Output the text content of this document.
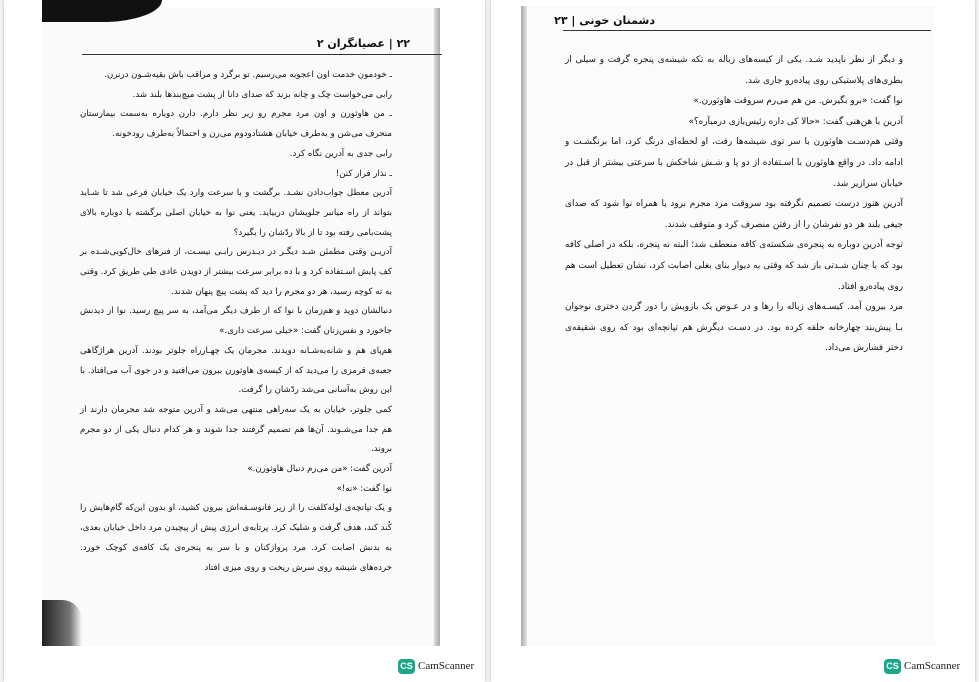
۲۲ | عصیانگران ۲

ـ خودمون خدمت اون اعجوبه می‌رسیم. تو برگرد و مراقب باش بقیه‌شـون درنرن.

رابی می‌خواست چک و چانه بزند که صدای دانا از پشت میچ‌بندها بلند شد.

ـ من هاوثورن و اون مرد مجرم رو زیر نظر دارم. دارن دوباره به‌سمت بیمارستان منحرف می‌شن و به‌طرف خیابان هشتادودوم می‌رن و احتمالاً به‌طرف رودخونه.

رابی جدی به آدرین نگاه کرد.

ـ نذار فرار کنن!

آدرین معطل جواب‌دادن نشـد. برگشت و با سرعت وارد یک خیابان فرعی شد تا شـاید بتواند از راه میانبر جلویشان دربیاید. یعنی نوا به خیابان اصلی برگشته یا دوباره بالای پشت‌بامی رفته بود تا از بالا ردّشان را بگیرد؟

آدریـن وقتی مطمئن شـد دیگـر در دیـدرس رابـی نیسـت، از فنرهای خال‌کوبی‌شـده بر کف پایش اسـتفاده کرد و با ده برابر سرعت بیشتر از دویدن عادی طی طریق کرد. وقتی به ته کوچه رسید، هر دو مجرم را دید که پشت پیچ پنهان شدند.

دنبالشان دوید و هم‌زمان با نوا که از طرف دیگر می‌آمد، به سر پیچ رسید. نوا از دیدنش جاخورد و نفس‌زنان گفت: «خیلی سرعت داری.»

هم‌پای هم و شانه‌به‌شـانه دویدند. مجرمان یک چهـارراه جلوتر بودند. آدرین هراژگاهی جعبه‌ی قرمزی را می‌دید که از کیسه‌ی هاوثورن بیرون می‌افتید و در جوی آب می‌افتاد. با این روش به‌آسانی می‌شد ردّشان را گرفت.

کمی جلوتر، خیابان به یک سه‌راهی منتهی می‌شد و آدرین متوجه شد مجرمان دارند از هم جدا می‌شـوند. آن‌ها هم تصمیم گرفتند جدا شوند و هر کدام دنبال یکی از دو مجرم بروند.

آدرین گفت: «من می‌رم دنبال هاوثورن.»

نوا گفت: «نه!»

و یک تپانچه‌ی لوله‌کلفت را از زیر فانوسـقه‌اش بیرون کشید، او بدون این‌که گام‌هایش را کُند کند، هدف گرفت و شلیک کرد. پرتابه‌ی انرژی پیش از پیچیدن مرد داخل خیابان بعدی، به بدنش اصابت کرد. مرد پروازکنان و با سر به پنجره‌ی یک کافه‌ی کوچک خورد. خرده‌های شیشه روی سرش ریخت و روی میزی افتاد

CS CamScanner
دشمنان خونی | ۲۳

و دیگر از نظر ناپدید شـد. یکی از کیسه‌های زباله به تکه شیشه‌ی پنجره گرفت و سیلی از بطری‌های پلاستیکی روی پیاده‌رو جاری شد.

نوا گفت: «برو بگیرش. من هم می‌رم سروقت هاوثورن.»

آدرین با هن‌هنی گفت: «حالا کی داره رئیس‌بازی درمیآره؟»

وقتی هم‌دسـت هاوثورن با سر توی شیشه‌ها رفت، او لحظه‌ای درنگ کرد، اما برنگشـت و ادامه داد. در واقع هاوثورن با اسـتفاده از دو پا و شـش شاخکش با سرعتی بیشتر از قبل در خیابان سرازیر شد.

آدرین هنوز درست تصمیم نگرفته بود سروقت مرد مجرم برود یا همراه نوا شود که صدای جیغی بلند هر دو نفرشان را از رفتن منصرف کرد و متوقف شدند.

توجه آدرین دوباره به پنجره‌ی شکسته‌ی کافه منعطف شد؛ البته نه پنجره، بلکه در اصلی کافه بود که با چنان شـدتی باز شد که وقتی به دیوار بنای بغلی اصابت کرد، نشان تعطیل است هم روی پیاده‌رو افتاد.

مرد بیرون آمد. کیسـه‌های زباله را رها و در عـوض یک بازویش را دور گردن دختری نوجوان بـا پیش‌بند چهارخانه حلقه کرده بود. در دسـت دیگرش هم تپانچه‌ای بود که روی شقیقه‌ی دختر فشارش می‌داد.

CS CamScanner
